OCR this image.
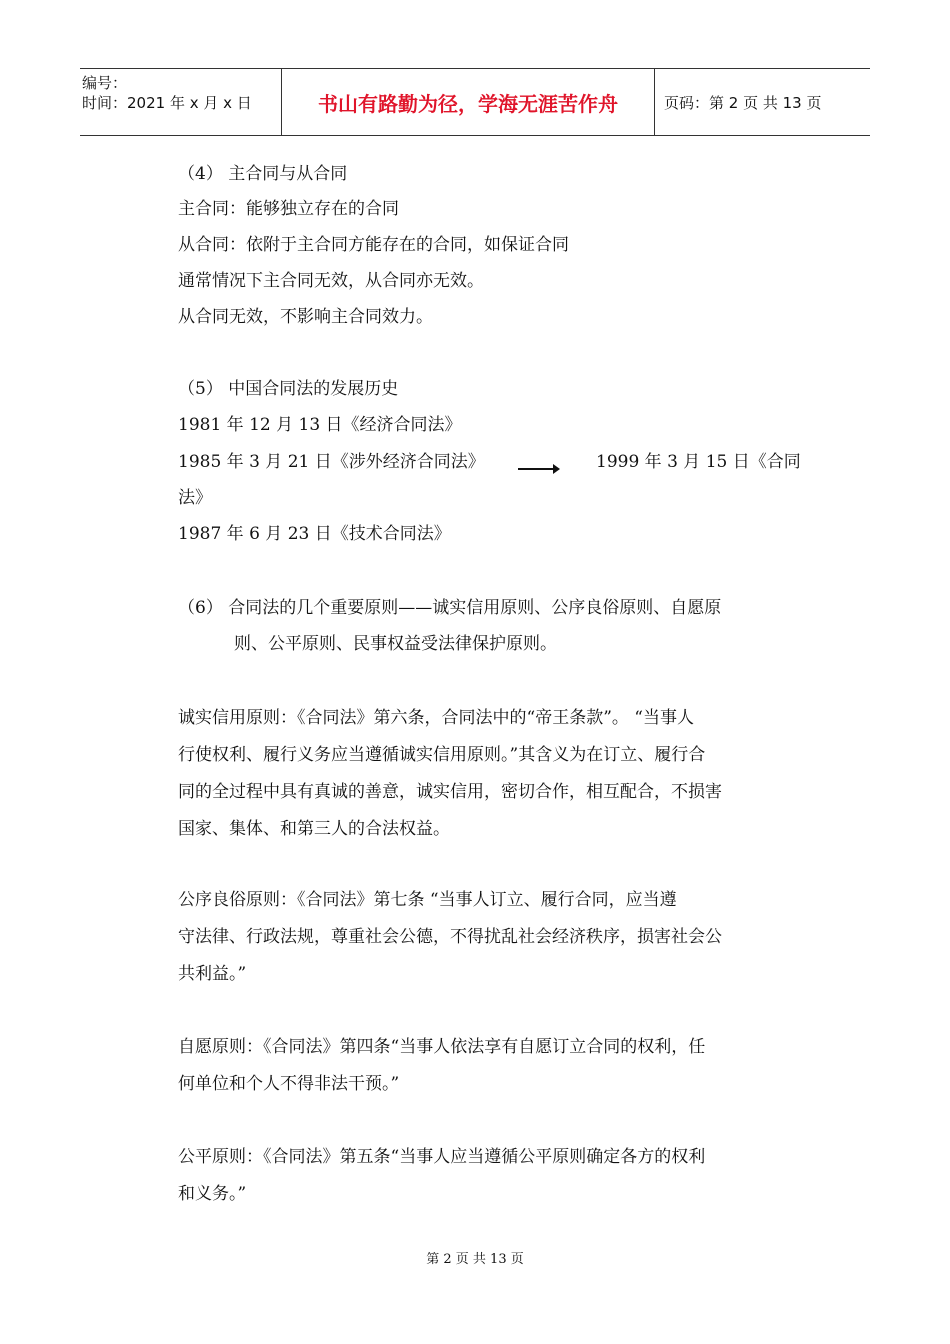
编号：
时间：2021 年 x 月 x 日	书山有路勤为径，学海无涯苦作舟	页码：第 2 页 共 13 页
（4） 主合同与从合同
主合同：能够独立存在的合同
从合同：依附于主合同方能存在的合同，如保证合同
通常情况下主合同无效，从合同亦无效。
从合同无效，不影响主合同效力。
（5） 中国合同法的发展历史
1981 年 12 月 13 日《经济合同法》
1985 年 3 月 21 日《涉外经济合同法》	1999 年 3 月 15 日《合同
法》
1987 年 6 月 23 日《技术合同法》
（6） 合同法的几个重要原则——诚实信用原则、公序良俗原则、自愿原
则、公平原则、民事权益受法律保护原则。
诚实信用原则：《合同法》第六条，合同法中的“帝王条款”。 “当事人
行使权利、履行义务应当遵循诚实信用原则。”其含义为在订立、履行合
同的全过程中具有真诚的善意，诚实信用，密切合作，相互配合，不损害
国家、集体、和第三人的合法权益。
公序良俗原则：《合同法》第七条 “当事人订立、履行合同，应当遵
守法律、行政法规，尊重社会公德，不得扰乱社会经济秩序，损害社会公
共利益。”
自愿原则：《合同法》第四条“当事人依法享有自愿订立合同的权利，任
何单位和个人不得非法干预。”
公平原则：《合同法》第五条“当事人应当遵循公平原则确定各方的权利
和义务。”
第 2 页 共 13 页
